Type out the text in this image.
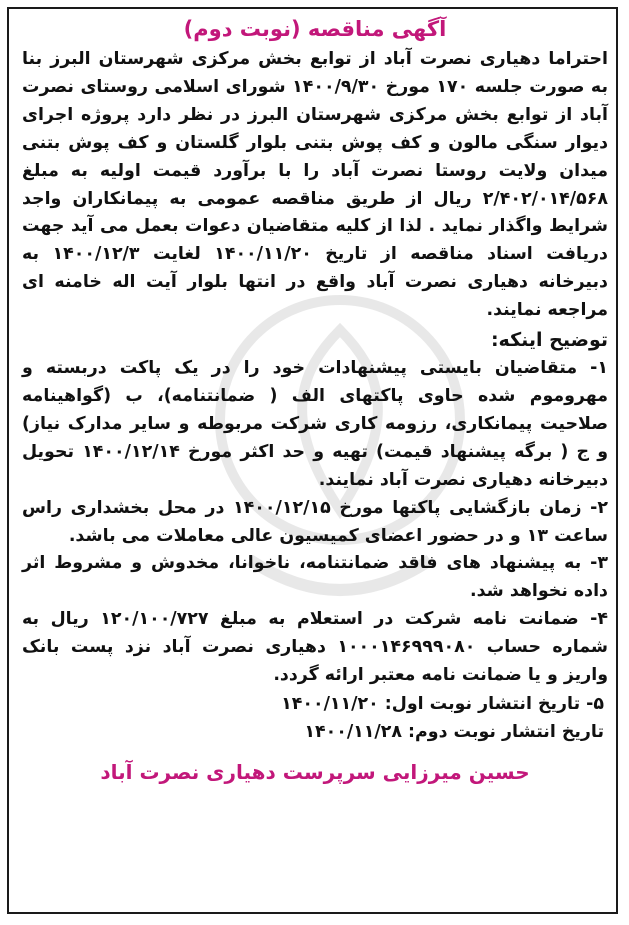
آگهی مناقصه (نوبت دوم)

احتراما دهیاری نصرت آباد از توابع بخش مرکزی شهرستان البرز بنا به صورت جلسه ۱۷۰ مورخ ۱۴۰۰/۹/۳۰ شورای اسلامی روستای نصرت آباد از توابع بخش مرکزی شهرستان البرز در نظر دارد پروژه اجرای دیوار سنگی مالون و کف پوش بتنی بلوار گلستان و کف پوش بتنی میدان ولایت روستا نصرت آباد را با برآورد قیمت اولیه به مبلغ ۲/۴۰۲/۰۱۴/۵۶۸ ریال از طریق مناقصه عمومی به پیمانکاران واجد شرایط واگذار نماید . لذا از کلیه متقاضیان دعوات بعمل می آید جهت دریافت اسناد مناقصه از تاریخ ۱۴۰۰/۱۱/۲۰ لغایت ۱۴۰۰/۱۲/۳ به دبیرخانه دهیاری نصرت آباد واقع در انتها بلوار آیت اله خامنه ای مراجعه نمایند.

توضیح اینکه:

۱- متقاضیان بایستی پیشنهادات خود را در یک پاکت دربسته و مهروموم شده حاوی پاکتهای الف ( ضمانتنامه)، ب (گواهینامه صلاحیت پیمانکاری، رزومه کاری شرکت مربوطه و سایر مدارک نیاز) و ج ( برگه پیشنهاد قیمت) تهیه و حد اکثر مورخ ۱۴۰۰/۱۲/۱۴ تحویل دبیرخانه دهیاری نصرت آباد نمایند.

۲- زمان بازگشایی پاکتها مورخ ۱۴۰۰/۱۲/۱۵ در محل بخشداری راس ساعت ۱۳ و در حضور اعضای کمیسیون عالی معاملات می باشد.

۳- به پیشنهاد های فاقد ضمانتنامه، ناخوانا، مخدوش و مشروط اثر داده نخواهد شد.

۴- ضمانت نامه شرکت در استعلام به مبلغ ۱۲۰/۱۰۰/۷۲۷ ریال به شماره حساب ۱۰۰۰۱۴۶۹۹۹۰۸۰ دهیاری نصرت آباد نزد پست بانک واریز و یا ضمانت نامه معتبر ارائه گردد.

۵- تاریخ انتشار نوبت اول: ۱۴۰۰/۱۱/۲۰

تاریخ انتشار نوبت دوم: ۱۴۰۰/۱۱/۲۸

حسین میرزایی سرپرست دهیاری نصرت آباد
